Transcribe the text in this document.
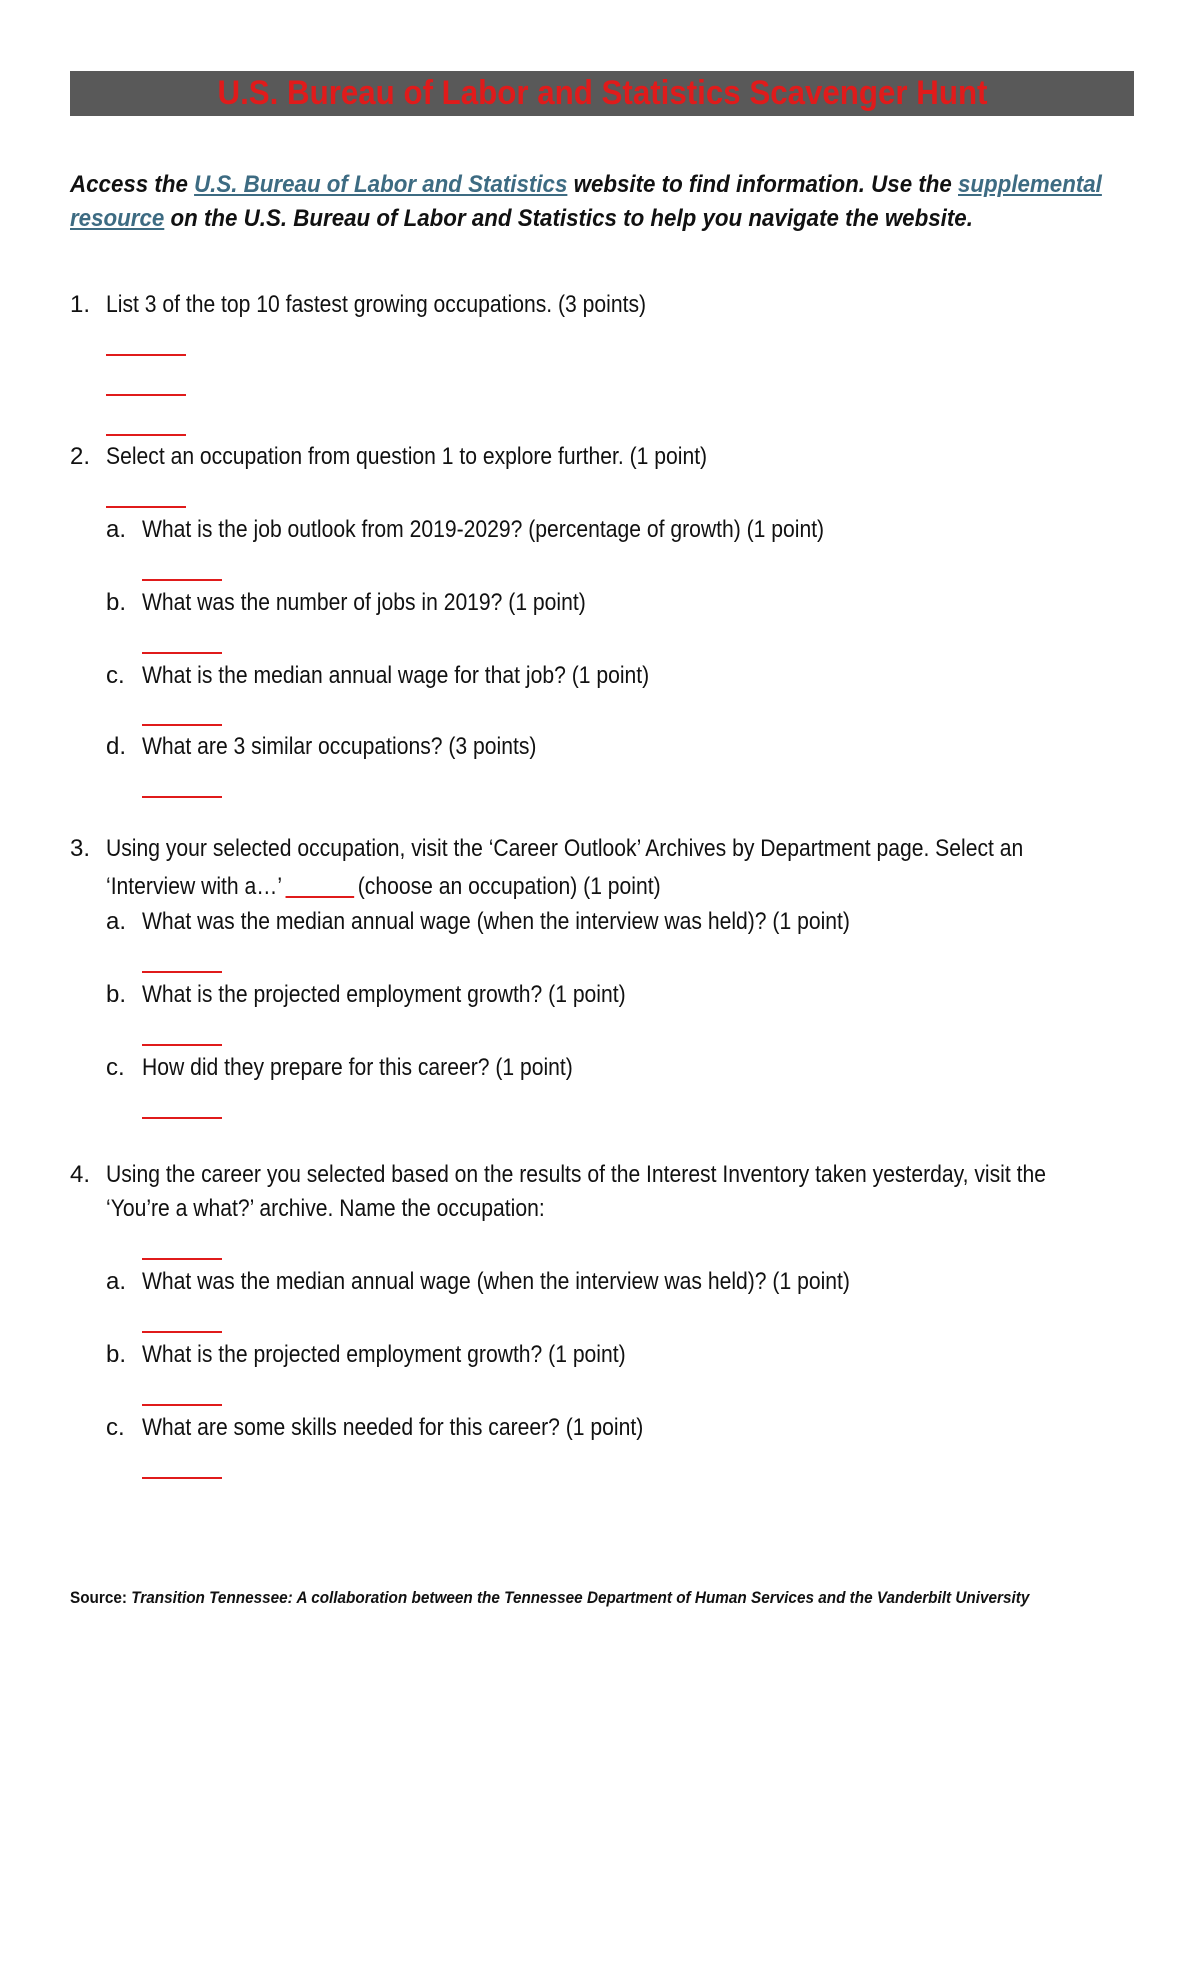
U.S. Bureau of Labor and Statistics Scavenger Hunt
Access the U.S. Bureau of Labor and Statistics website to find information. Use the supplemental resource on the U.S. Bureau of Labor and Statistics to help you navigate the website.
1. List 3 of the top 10 fastest growing occupations. (3 points)
2. Select an occupation from question 1 to explore further. (1 point)
a. What is the job outlook from 2019-2029? (percentage of growth) (1 point)
b. What was the number of jobs in 2019? (1 point)
c. What is the median annual wage for that job? (1 point)
d. What are 3 similar occupations? (3 points)
3. Using your selected occupation, visit the ‘Career Outlook’ Archives by Department page. Select an
‘Interview with a…’	(choose an occupation) (1 point)
a. What was the median annual wage (when the interview was held)? (1 point)
b. What is the projected employment growth? (1 point)
c. How did they prepare for this career? (1 point)
4. Using the career you selected based on the results of the Interest Inventory taken yesterday, visit the
‘You’re a what?’ archive. Name the occupation:
a. What was the median annual wage (when the interview was held)? (1 point)
b. What is the projected employment growth? (1 point)
c. What are some skills needed for this career? (1 point)
Source: Transition Tennessee: A collaboration between the Tennessee Department of Human Services and the Vanderbilt University
